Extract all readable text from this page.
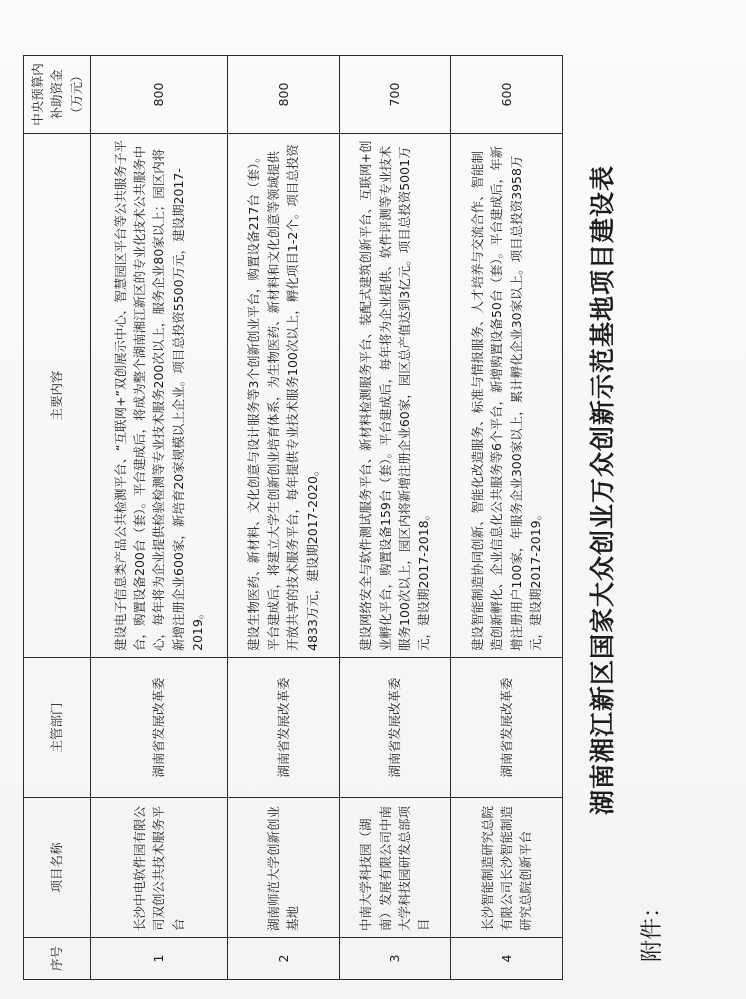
序号	项目名称	主管部门	主要内容	中央预算内补助资金（万元）
1	长沙中电软件园有限公司双创公共技术服务平台	湖南省发展改革委	建设电子信息类产品公共检测平台、“互联网+”双创展示中心、智慧园区平台等公共服务子平台，购置设备200台（套）。平台建成后，将成为整个湖南湘江新区的专业化技术公共服务中心，每年将为企业提供检验检测等专业技术服务200次以上，服务企业80家以上；园区内将新增注册企业600家，新培育20家规模以上企业。项目总投资5500万元，建设期2017-2019。	800
2	湖南师范大学创新创业基地	湖南省发展改革委	建设生物医药、新材料、文化创意与设计服务等3个创新创业平台，购置设备217台（套）。平台建成后，将建立大学生创新创业培育体系，为生物医药、新材料和文化创意等领域提供开放共享的技术服务平台，每年提供专业技术服务100次以上，孵化项目1-2个。项目总投资4833万元，建设期2017-2020。	800
3	中南大学科技园（湖南）发展有限公司中南大学科技园研发总部项目	湖南省发展改革委	建设网络安全与软件测试服务平台、新材料检测服务平台、装配式建筑创新平台、互联网+创业孵化平台，购置设备159台（套）。平台建成后，每年将为企业提供、软件评测等专业技术服务100次以上，园区内将新增注册企业60家，园区总产值达到3亿元。项目总投资5001万元，建设期2017-2018。	700
4	长沙智能制造研究总院有限公司长沙智能制造研究总院创新平台	湖南省发展改革委	建设智能制造协同创新、智能化改造服务、标准与情报服务、人才培养与交流合作、智能制造创新孵化、企业信息化公共服务等6个平台，新增购置设备50台（套）。平台建成后，年新增注册用户100家，年服务企业300家以上，累计孵化企业30家以上。项目总投资3958万元，建设期2017-2019。	600
湖南湘江新区国家大众创业万众创新示范基地项目建设表
附件：
